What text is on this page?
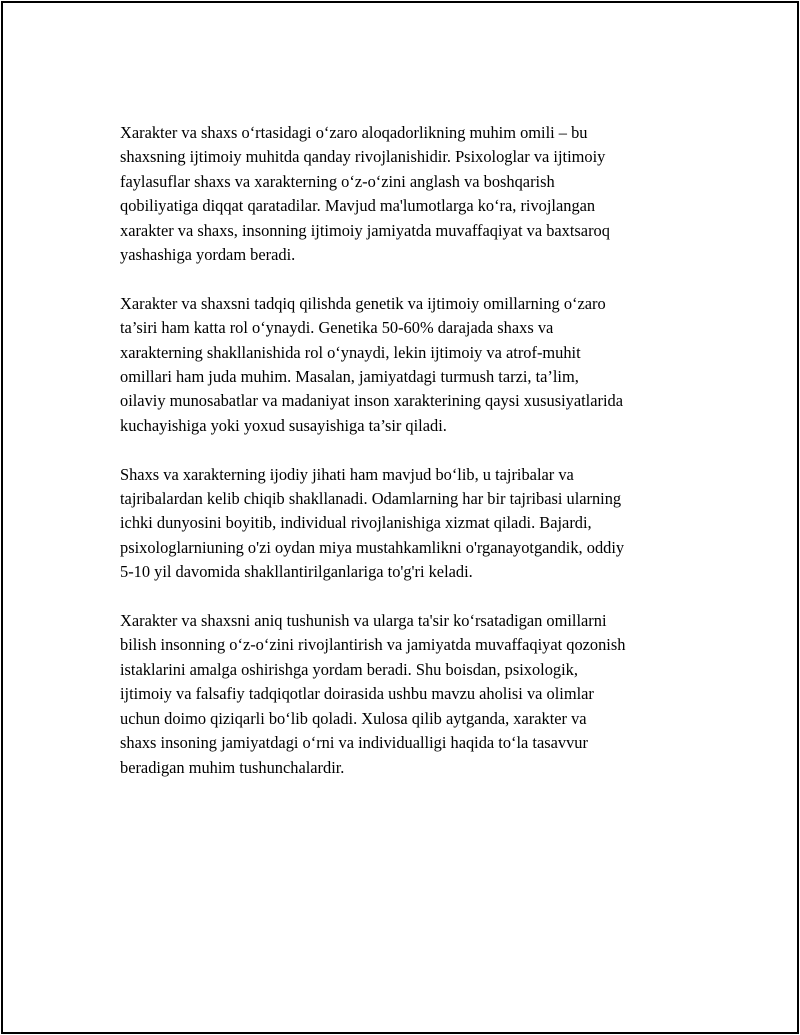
Xarakter va shaxs o‘rtasidagi o‘zaro aloqadorlikning muhim omili – bu
shaxsning ijtimoiy muhitda qanday rivojlanishidir. Psixologlar va ijtimoiy
faylasuflar shaxs va xarakterning o‘z-o‘zini anglash va boshqarish
qobiliyatiga diqqat qaratadilar. Mavjud ma'lumotlarga ko‘ra, rivojlangan
xarakter va shaxs, insonning ijtimoiy jamiyatda muvaffaqiyat va baxtsaroq
yashashiga yordam beradi.

Xarakter va shaxsni tadqiq qilishda genetik va ijtimoiy omillarning o‘zaro
ta’siri ham katta rol o‘ynaydi. Genetika 50-60% darajada shaxs va
xarakterning shakllanishida rol o‘ynaydi, lekin ijtimoiy va atrof-muhit
omillari ham juda muhim. Masalan, jamiyatdagi turmush tarzi, ta’lim,
oilaviy munosabatlar va madaniyat inson xarakterining qaysi xususiyatlarida
kuchayishiga yoki yoxud susayishiga ta’sir qiladi.

Shaxs va xarakterning ijodiy jihati ham mavjud bo‘lib, u tajribalar va
tajribalardan kelib chiqib shakllanadi. Odamlarning har bir tajribasi ularning
ichki dunyosini boyitib, individual rivojlanishiga xizmat qiladi. Bajardi,
psixologlarniuning o'zi oydan miya mustahkamlikni o'rganayotgandik, oddiy
5-10 yil davomida shakllantirilganlariga to'g'ri keladi.

Xarakter va shaxsni aniq tushunish va ularga ta'sir ko‘rsatadigan omillarni
bilish insonning o‘z-o‘zini rivojlantirish va jamiyatda muvaffaqiyat qozonish
istaklarini amalga oshirishga yordam beradi. Shu boisdan, psixologik,
ijtimoiy va falsafiy tadqiqotlar doirasida ushbu mavzu aholisi va olimlar
uchun doimo qiziqarli bo‘lib qoladi. Xulosa qilib aytganda, xarakter va
shaxs insoning jamiyatdagi o‘rni va individualligi haqida to‘la tasavvur
beradigan muhim tushunchalardir.
